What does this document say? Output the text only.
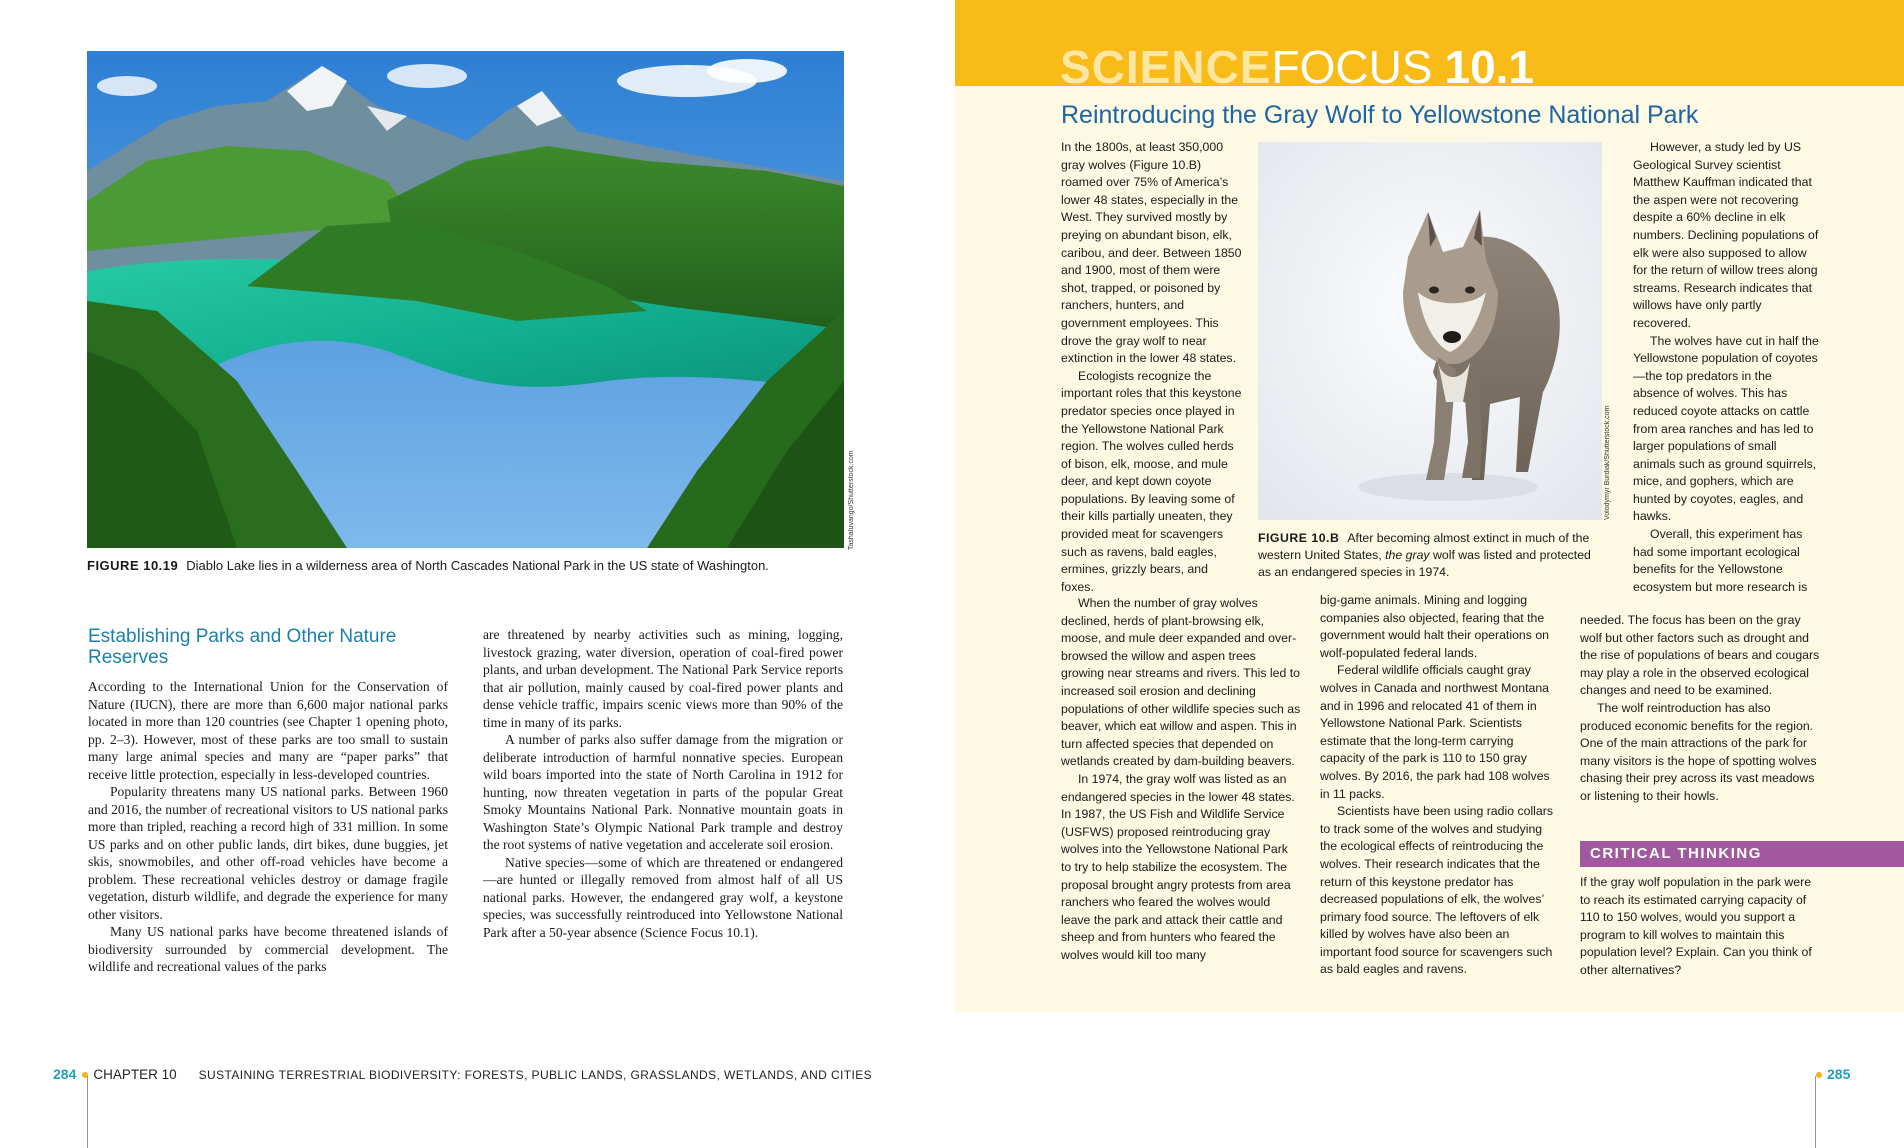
Tashatuvango/Shutterstock.com
FIGURE 10.19 Diablo Lake lies in a wilderness area of North Cascades National Park in the US state of Washington.
Establishing Parks and Other Nature Reserves

According to the International Union for the Conservation of Nature (IUCN), there are more than 6,600 major national parks located in more than 120 countries (see Chapter 1 opening photo, pp. 2–3). However, most of these parks are too small to sustain many large animal species and many are “paper parks” that receive little protection, especially in less-developed countries.

Popularity threatens many US national parks. Between 1960 and 2016, the number of recreational visitors to US national parks more than tripled, reaching a record high of 331 million. In some US parks and on other public lands, dirt bikes, dune buggies, jet skis, snowmobiles, and other off-road vehicles have become a problem. These recreational vehicles destroy or damage fragile vegetation, disturb wildlife, and degrade the experience for many other visitors.

Many US national parks have become threatened islands of biodiversity surrounded by commercial development. The wildlife and recreational values of the parks

are threatened by nearby activities such as mining, logging, livestock grazing, water diversion, operation of coal-fired power plants, and urban development. The National Park Service reports that air pollution, mainly caused by coal-fired power plants and dense vehicle traffic, impairs scenic views more than 90% of the time in many of its parks.

A number of parks also suffer damage from the migration or deliberate introduction of harmful nonnative species. European wild boars imported into the state of North Carolina in 1912 for hunting, now threaten vegetation in parts of the popular Great Smoky Mountains National Park. Nonnative mountain goats in Washington State’s Olympic National Park trample and destroy the root systems of native vegetation and accelerate soil erosion.

Native species—some of which are threatened or endangered—are hunted or illegally removed from almost half of all US national parks. However, the endangered gray wolf, a keystone species, was successfully reintroduced into Yellowstone National Park after a 50-year absence (Science Focus 10.1).

SCIENCEFOCUS 10.1
Reintroducing the Gray Wolf to Yellowstone National Park

In the 1800s, at least 350,000 gray wolves (Figure 10.B) roamed over 75% of America’s lower 48 states, especially in the West. They survived mostly by preying on abundant bison, elk, caribou, and deer. Between 1850 and 1900, most of them were shot, trapped, or poisoned by ranchers, hunters, and government employees. This drove the gray wolf to near extinction in the lower 48 states.

Ecologists recognize the important roles that this keystone predator species once played in the Yellowstone National Park region. The wolves culled herds of bison, elk, moose, and mule deer, and kept down coyote populations. By leaving some of their kills partially uneaten, they provided meat for scavengers such as ravens, bald eagles, ermines, grizzly bears, and foxes.

Volodymyr Burdiak/Shutterstock.com
FIGURE 10.B After becoming almost extinct in much of the western United States, the gray wolf was listed and protected as an endangered species in 1974.

When the number of gray wolves declined, herds of plant-browsing elk, moose, and mule deer expanded and over-browsed the willow and aspen trees growing near streams and rivers. This led to increased soil erosion and declining populations of other wildlife species such as beaver, which eat willow and aspen. This in turn affected species that depended on wetlands created by dam-building beavers.

In 1974, the gray wolf was listed as an endangered species in the lower 48 states. In 1987, the US Fish and Wildlife Service (USFWS) proposed reintroducing gray wolves into the Yellowstone National Park to try to help stabilize the ecosystem. The proposal brought angry protests from area ranchers who feared the wolves would leave the park and attack their cattle and sheep and from hunters who feared the wolves would kill too many

big-game animals. Mining and logging companies also objected, fearing that the government would halt their operations on wolf-populated federal lands.

Federal wildlife officials caught gray wolves in Canada and northwest Montana and in 1996 and relocated 41 of them in Yellowstone National Park. Scientists estimate that the long-term carrying capacity of the park is 110 to 150 gray wolves. By 2016, the park had 108 wolves in 11 packs.

Scientists have been using radio collars to track some of the wolves and studying the ecological effects of reintroducing the wolves. Their research indicates that the return of this keystone predator has decreased populations of elk, the wolves’ primary food source. The leftovers of elk killed by wolves have also been an important food source for scavengers such as bald eagles and ravens.

However, a study led by US Geological Survey scientist Matthew Kauffman indicated that the aspen were not recovering despite a 60% decline in elk numbers. Declining populations of elk were also supposed to allow for the return of willow trees along streams. Research indicates that willows have only partly recovered.

The wolves have cut in half the Yellowstone population of coyotes—the top predators in the absence of wolves. This has reduced coyote attacks on cattle from area ranches and has led to larger populations of small animals such as ground squirrels, mice, and gophers, which are hunted by coyotes, eagles, and hawks.

Overall, this experiment has had some important ecological benefits for the Yellowstone ecosystem but more research is

needed. The focus has been on the gray wolf but other factors such as drought and the rise of populations of bears and cougars may play a role in the observed ecological changes and need to be examined.

The wolf reintroduction has also produced economic benefits for the region. One of the main attractions of the park for many visitors is the hope of spotting wolves chasing their prey across its vast meadows or listening to their howls.

CRITICAL THINKING
If the gray wolf population in the park were to reach its estimated carrying capacity of 110 to 150 wolves, would you support a program to kill wolves to maintain this population level? Explain. Can you think of other alternatives?
284 CHAPTER 10 SUSTAINING TERRESTRIAL BIODIVERSITY: FORESTS, PUBLIC LANDS, GRASSLANDS, WETLANDS, AND CITIES	285
